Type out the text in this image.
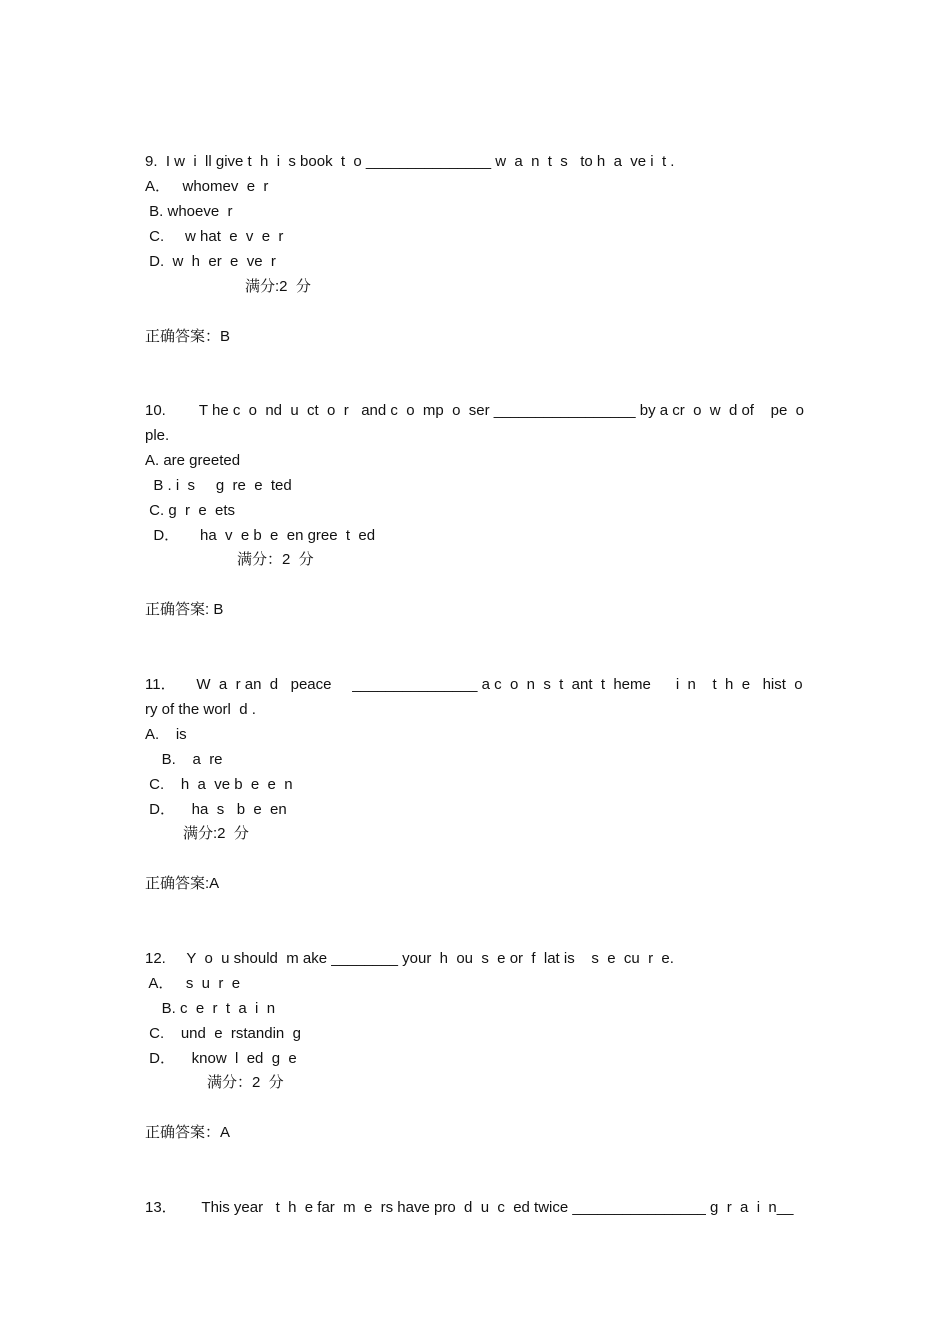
9.  I w  i  ll give t  h  i  s book  t  o _______________ w  a  n  t  s   to h  a  ve i  t .
A．   whomev  e  r
B. whoeve  r
C.     w hat  e  v  e  r
D.  w  h  er  e  ve  r
满分:2  分
正确答案：B
10.        T he c  o  nd  u  ct  o  r   and c  o  mp  o  ser _________________ by a cr  o  w  d of    pe  o
ple.
A. are greeted
B . i  s     g  re  e  ted
C. g  r  e  ets
D．     ha  v  e b  e  en gree  t  ed
满分：2  分
正确答案: B
11．     W  a  r an  d   peace     _______________ a c  o  n  s  t  ant  t  heme      i  n    t  h  e   hist  o
ry of the worl  d .
A.    is
B.    a  re
C.    h  a  ve b  e  e  n
D．    ha  s   b  e  en
满分:2  分
正确答案:A
12.     Y  o  u should  m ake ________ your  h  ou  s  e or  f  lat is    s  e  cu  r  e.
A．   s  u  r  e
B. c  e  r  t  a  i  n
C.    und  e  rstandin  g
D．    know  l  ed  g  e
满分：2  分
正确答案：A
13．      This year   t  h  e far  m  e  rs have pro  d  u  c  ed twice ________________ g  r  a  i  n__
